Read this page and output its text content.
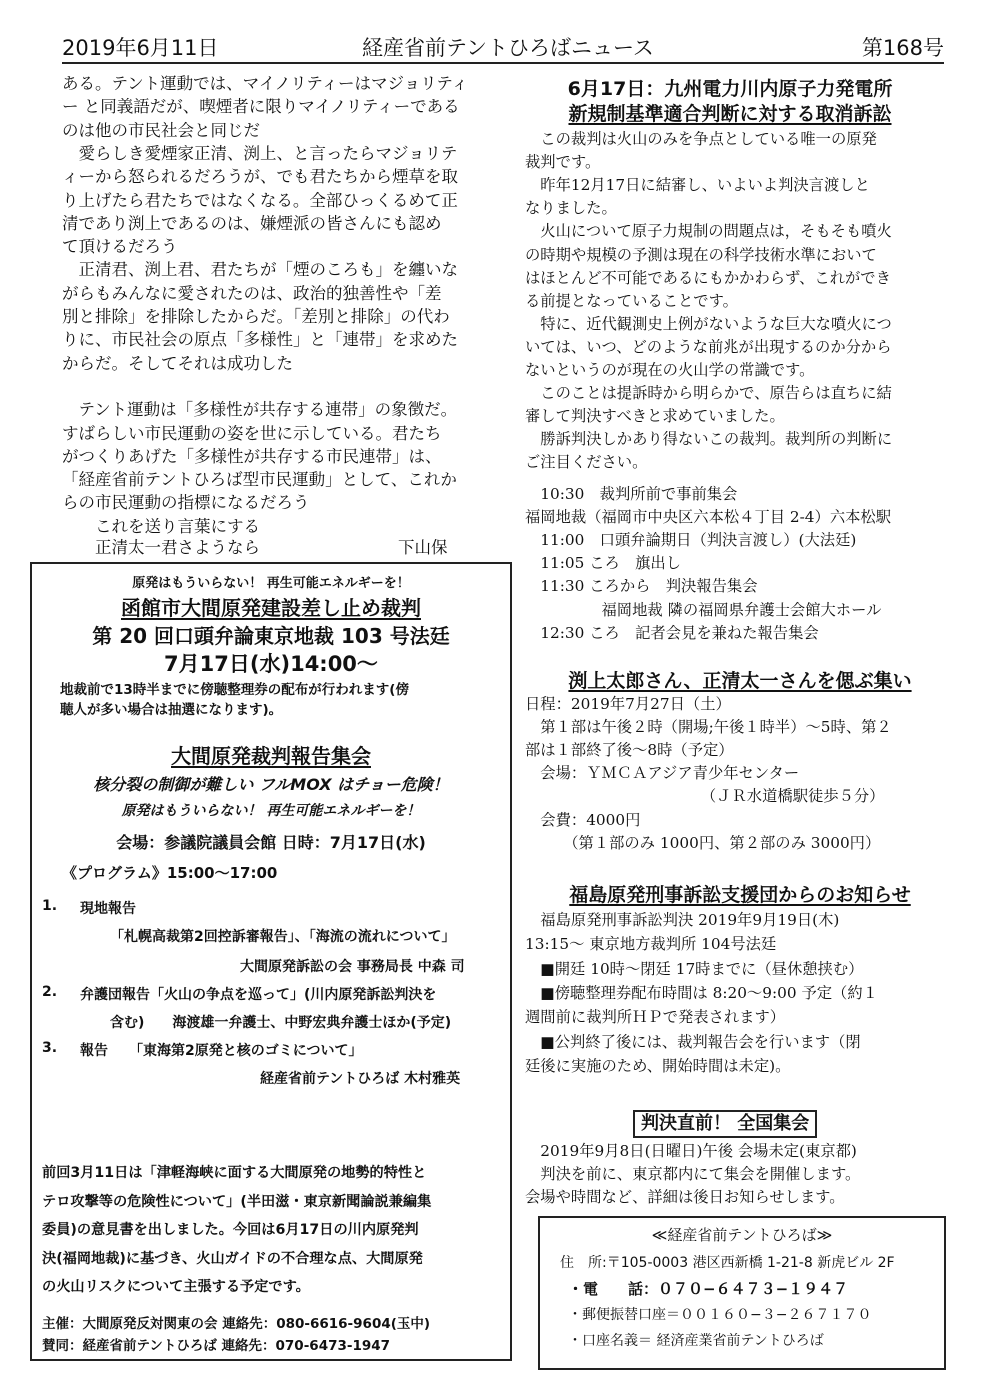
2019年6月11日	経産省前テントひろばニュース	第168号
ある。テント運動では、マイノリティーはマジョリティ
ー と同義語だが、喫煙者に限りマイノリティーである
のは他の市民社会と同じだ
　愛らしき愛煙家正清、渕上、と言ったらマジョリテ
ィーから怒られるだろうが、でも君たちから煙草を取
り上げたら君たちではなくなる。全部ひっくるめて正
清であり渕上であるのは、嫌煙派の皆さんにも認め
て頂けるだろう
　正清君、渕上君、君たちが「煙のころも」を纏いな
がらもみんなに愛されたのは、政治的独善性や「差
別と排除」を排除したからだ。「差別と排除」の代わ
りに、市民社会の原点「多様性」と「連帯」を求めた
からだ。そしてそれは成功した
　テント運動は「多様性が共存する連帯」の象徴だ。
すばらしい市民運動の姿を世に示している。君たち
がつくりあげた「多様性が共存する市民連帯」は、
「経産省前テントひろば型市民運動」として、これか
らの市民運動の指標になるだろう
　　これを送り言葉にする
　　正清太一君さようなら	下山保
原発はもういらない！ 再生可能エネルギーを！
函館市大間原発建設差し止め裁判
第 20 回口頭弁論東京地裁 103 号法廷
7月17日(水)14:00〜
地裁前で13時半までに傍聴整理券の配布が行われます(傍
聴人が多い場合は抽選になります)。
大間原発裁判報告集会
核分裂の制御が難しい フルMOX はチョー危険！
原発はもういらない！ 再生可能エネルギーを！
会場：参議院議員会館 日時：7月17日(水)
《プログラム》15:00〜17:00
1. 現地報告
「札幌高裁第2回控訴審報告」、「海流の流れについて」
大間原発訴訟の会 事務局長 中森 司
2. 弁護団報告「火山の争点を巡って」(川内原発訴訟判決を
含む)　　海渡雄一弁護士、中野宏典弁護士ほか(予定)
3. 報告　　「東海第2原発と核のゴミについて」
経産省前テントひろば 木村雅英
前回3月11日は「津軽海峡に面する大間原発の地勢的特性と
テロ攻撃等の危険性について」(半田滋・東京新聞論説兼編集
委員)の意見書を出しました。今回は6月17日の川内原発判
決(福岡地裁)に基づき、火山ガイドの不合理な点、大間原発
の火山リスクについて主張する予定です。
主催：大間原発反対関東の会 連絡先：080-6616-9604(玉中)
賛同：経産省前テントひろば 連絡先：070-6473-1947
6月17日：九州電力川内原子力発電所
新規制基準適合判断に対する取消訴訟
　この裁判は火山のみを争点としている唯一の原発
裁判です。
　昨年12月17日に結審し、いよいよ判決言渡しと
なりました。
　火山について原子力規制の問題点は，そもそも噴火
の時期や規模の予測は現在の科学技術水準において
はほとんど不可能であるにもかかわらず、これができ
る前提となっていることです。
　特に、近代観測史上例がないような巨大な噴火につ
いては、いつ、どのような前兆が出現するのか分から
ないというのが現在の火山学の常識です。
　このことは提訴時から明らかで、原告らは直ちに結
審して判決すべきと求めていました。
　勝訴判決しかあり得ないこの裁判。裁判所の判断に
ご注目ください。
　10:30　裁判所前で事前集会
福岡地裁（福岡市中央区六本松４丁目 2-4）六本松駅
　11:00　口頭弁論期日（判決言渡し）(大法廷)
　11:05 ころ　旗出し
　11:30 ころから　判決報告集会
　　　　　福岡地裁 隣の福岡県弁護士会館大ホール
　12:30 ころ　記者会見を兼ねた報告集会
渕上太郎さん、正清太一さんを偲ぶ集い
日程：2019年7月27日（土）
　第１部は午後２時（開場;午後１時半）〜5時、第２
部は１部終了後〜8時（予定）
　会場：ＹＭＣＡアジア青少年センター
　　　　　　　　　　　　（ＪＲ水道橋駅徒歩５分）
　会費：4000円
　　　（第１部のみ 1000円、第２部のみ 3000円）
福島原発刑事訴訟支援団からのお知らせ
　福島原発刑事訴訟判決 2019年9月19日(木)
13:15〜 東京地方裁判所 104号法廷
　■開廷 10時〜閉廷 17時までに（昼休憩挟む）
　■傍聴整理券配布時間は 8:20〜9:00 予定（約１
週間前に裁判所ＨＰで発表されます）
　■公判終了後には、裁判報告会を行います（閉
廷後に実施のため、開始時間は未定)。
判決直前！ 全国集会
　2019年9月8日(日曜日)午後 会場未定(東京都)
　判決を前に、東京都内にて集会を開催します。
会場や時間など、詳細は後日お知らせします。
≪経産省前テントひろば≫
住　所:〒105-0003 港区西新橋 1-21-8 新虎ビル 2F
・電　　話：０７０−６４７３−１９４７
・郵便振替口座＝００１６０−３−２６７１７０
・口座名義＝ 経済産業省前テントひろば
